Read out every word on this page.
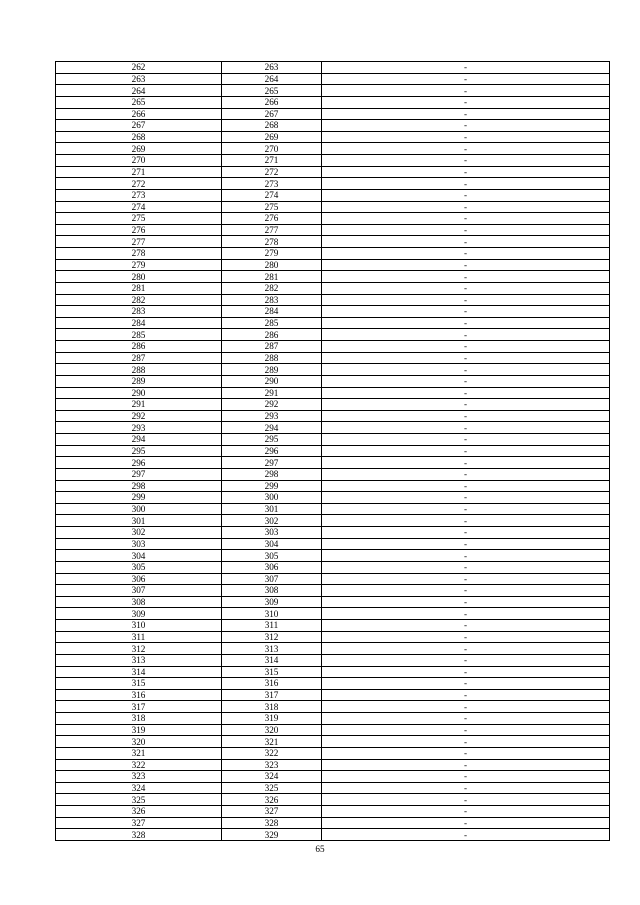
262	263	-
263	264	-
264	265	-
265	266	-
266	267	-
267	268	-
268	269	-
269	270	-
270	271	-
271	272	-
272	273	-
273	274	-
274	275	-
275	276	-
276	277	-
277	278	-
278	279	-
279	280	-
280	281	-
281	282	-
282	283	-
283	284	-
284	285	-
285	286	-
286	287	-
287	288	-
288	289	-
289	290	-
290	291	-
291	292	-
292	293	-
293	294	-
294	295	-
295	296	-
296	297	-
297	298	-
298	299	-
299	300	-
300	301	-
301	302	-
302	303	-
303	304	-
304	305	-
305	306	-
306	307	-
307	308	-
308	309	-
309	310	-
310	311	-
311	312	-
312	313	-
313	314	-
314	315	-
315	316	-
316	317	-
317	318	-
318	319	-
319	320	-
320	321	-
321	322	-
322	323	-
323	324	-
324	325	-
325	326	-
326	327	-
327	328	-
328	329	-
65
